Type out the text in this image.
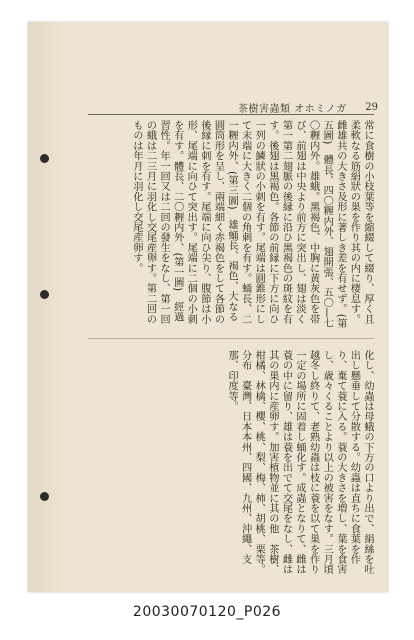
茶樹害蟲類 オホミノガ 29
常に食樹の小枝葉等を縮綴して綴り、厚く且柔軟なる筋絹狀の巣を作り其の内に棲息す。雌雄共の大きさ及形に著しき差を有せず。(第五圖)　體長、四〇糎内外、翅開張、五〇—七〇糎内外。雄蛾。黑褐色、中胸に黄灰色を帯び、前翅は中央より前方に突出し、翅は淡く第一第二翅脈の後縁に沿ひ黒褐色の斑紋を有す。後翅は黒褐色。各節の前縁に下方に向ひ一列の鱗狀の小刺を有す。尾端は圓錐形にして末端に大きく二個の角刺を有す。蛹長、二一糎内外、(第三圖)　雄蛹長、褐色、大なる圓筒形を呈し、兩端細く赤褐色をして各節の後縁に刺を有す。尾端に向ひ尖り、腹節は小形、尾端に向ひて突出す。尾端に二個の小刺を有す。體長、二〇糎内外、(第一圖)　經過習性。年一回又は二回の發生をなし、第一回の蛾は二三月に羽化し交尾産卵す。第二回のものは年月に羽化し交尾産卵す。
化し、幼蟲は母蛾の下方の口より出で、絹絲を吐出し懸垂して分散する。幼蟲は直ちに食葉を作り、棄て蓑に入る。蓑の大きさを増し、葉を食害し、歳々くることより以上の被害をなす。三月頃越冬し終りて、老熟幼蟲は枝に蓑を以て巣を作り一定の場所に固着し蛹化す。成蟲となりて、雌は蓑の中に留り、雄は蓑を出でて交尾をなし、雌は其の巣内に産卵す。加害植物並に其の他　茶樹、柑橘、林檎、櫻、桃、梨、梅、柿、胡桃、栗等。分布　臺灣、日本本州、四國、九州、沖繩、支那、印度等。
20030070120_P026
